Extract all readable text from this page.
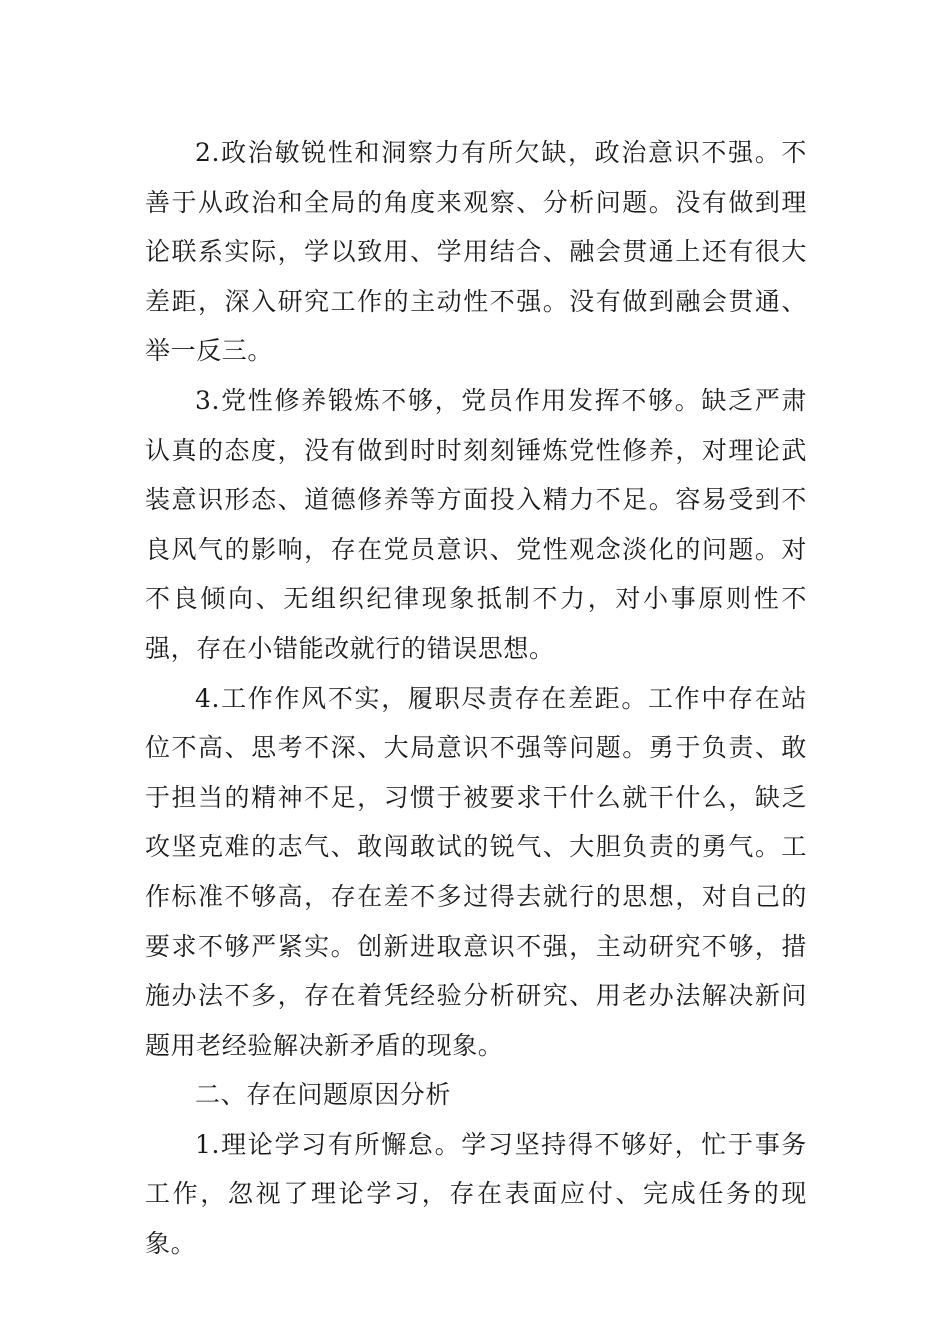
2.政治敏锐性和洞察力有所欠缺，政治意识不强。不善于从政治和全局的角度来观察、分析问题。没有做到理论联系实际，学以致用、学用结合、融会贯通上还有很大差距，深入研究工作的主动性不强。没有做到融会贯通、举一反三。

3.党性修养锻炼不够，党员作用发挥不够。缺乏严肃认真的态度，没有做到时时刻刻锤炼党性修养，对理论武装意识形态、道德修养等方面投入精力不足。容易受到不良风气的影响，存在党员意识、党性观念淡化的问题。对不良倾向、无组织纪律现象抵制不力，对小事原则性不强，存在小错能改就行的错误思想。

4.工作作风不实，履职尽责存在差距。工作中存在站位不高、思考不深、大局意识不强等问题。勇于负责、敢于担当的精神不足，习惯于被要求干什么就干什么，缺乏攻坚克难的志气、敢闯敢试的锐气、大胆负责的勇气。工作标准不够高，存在差不多过得去就行的思想，对自己的要求不够严紧实。创新进取意识不强，主动研究不够，措施办法不多，存在着凭经验分析研究、用老办法解决新问题用老经验解决新矛盾的现象。

二、存在问题原因分析

1.理论学习有所懈怠。学习坚持得不够好，忙于事务工作，忽视了理论学习，存在表面应付、完成任务的现象。
